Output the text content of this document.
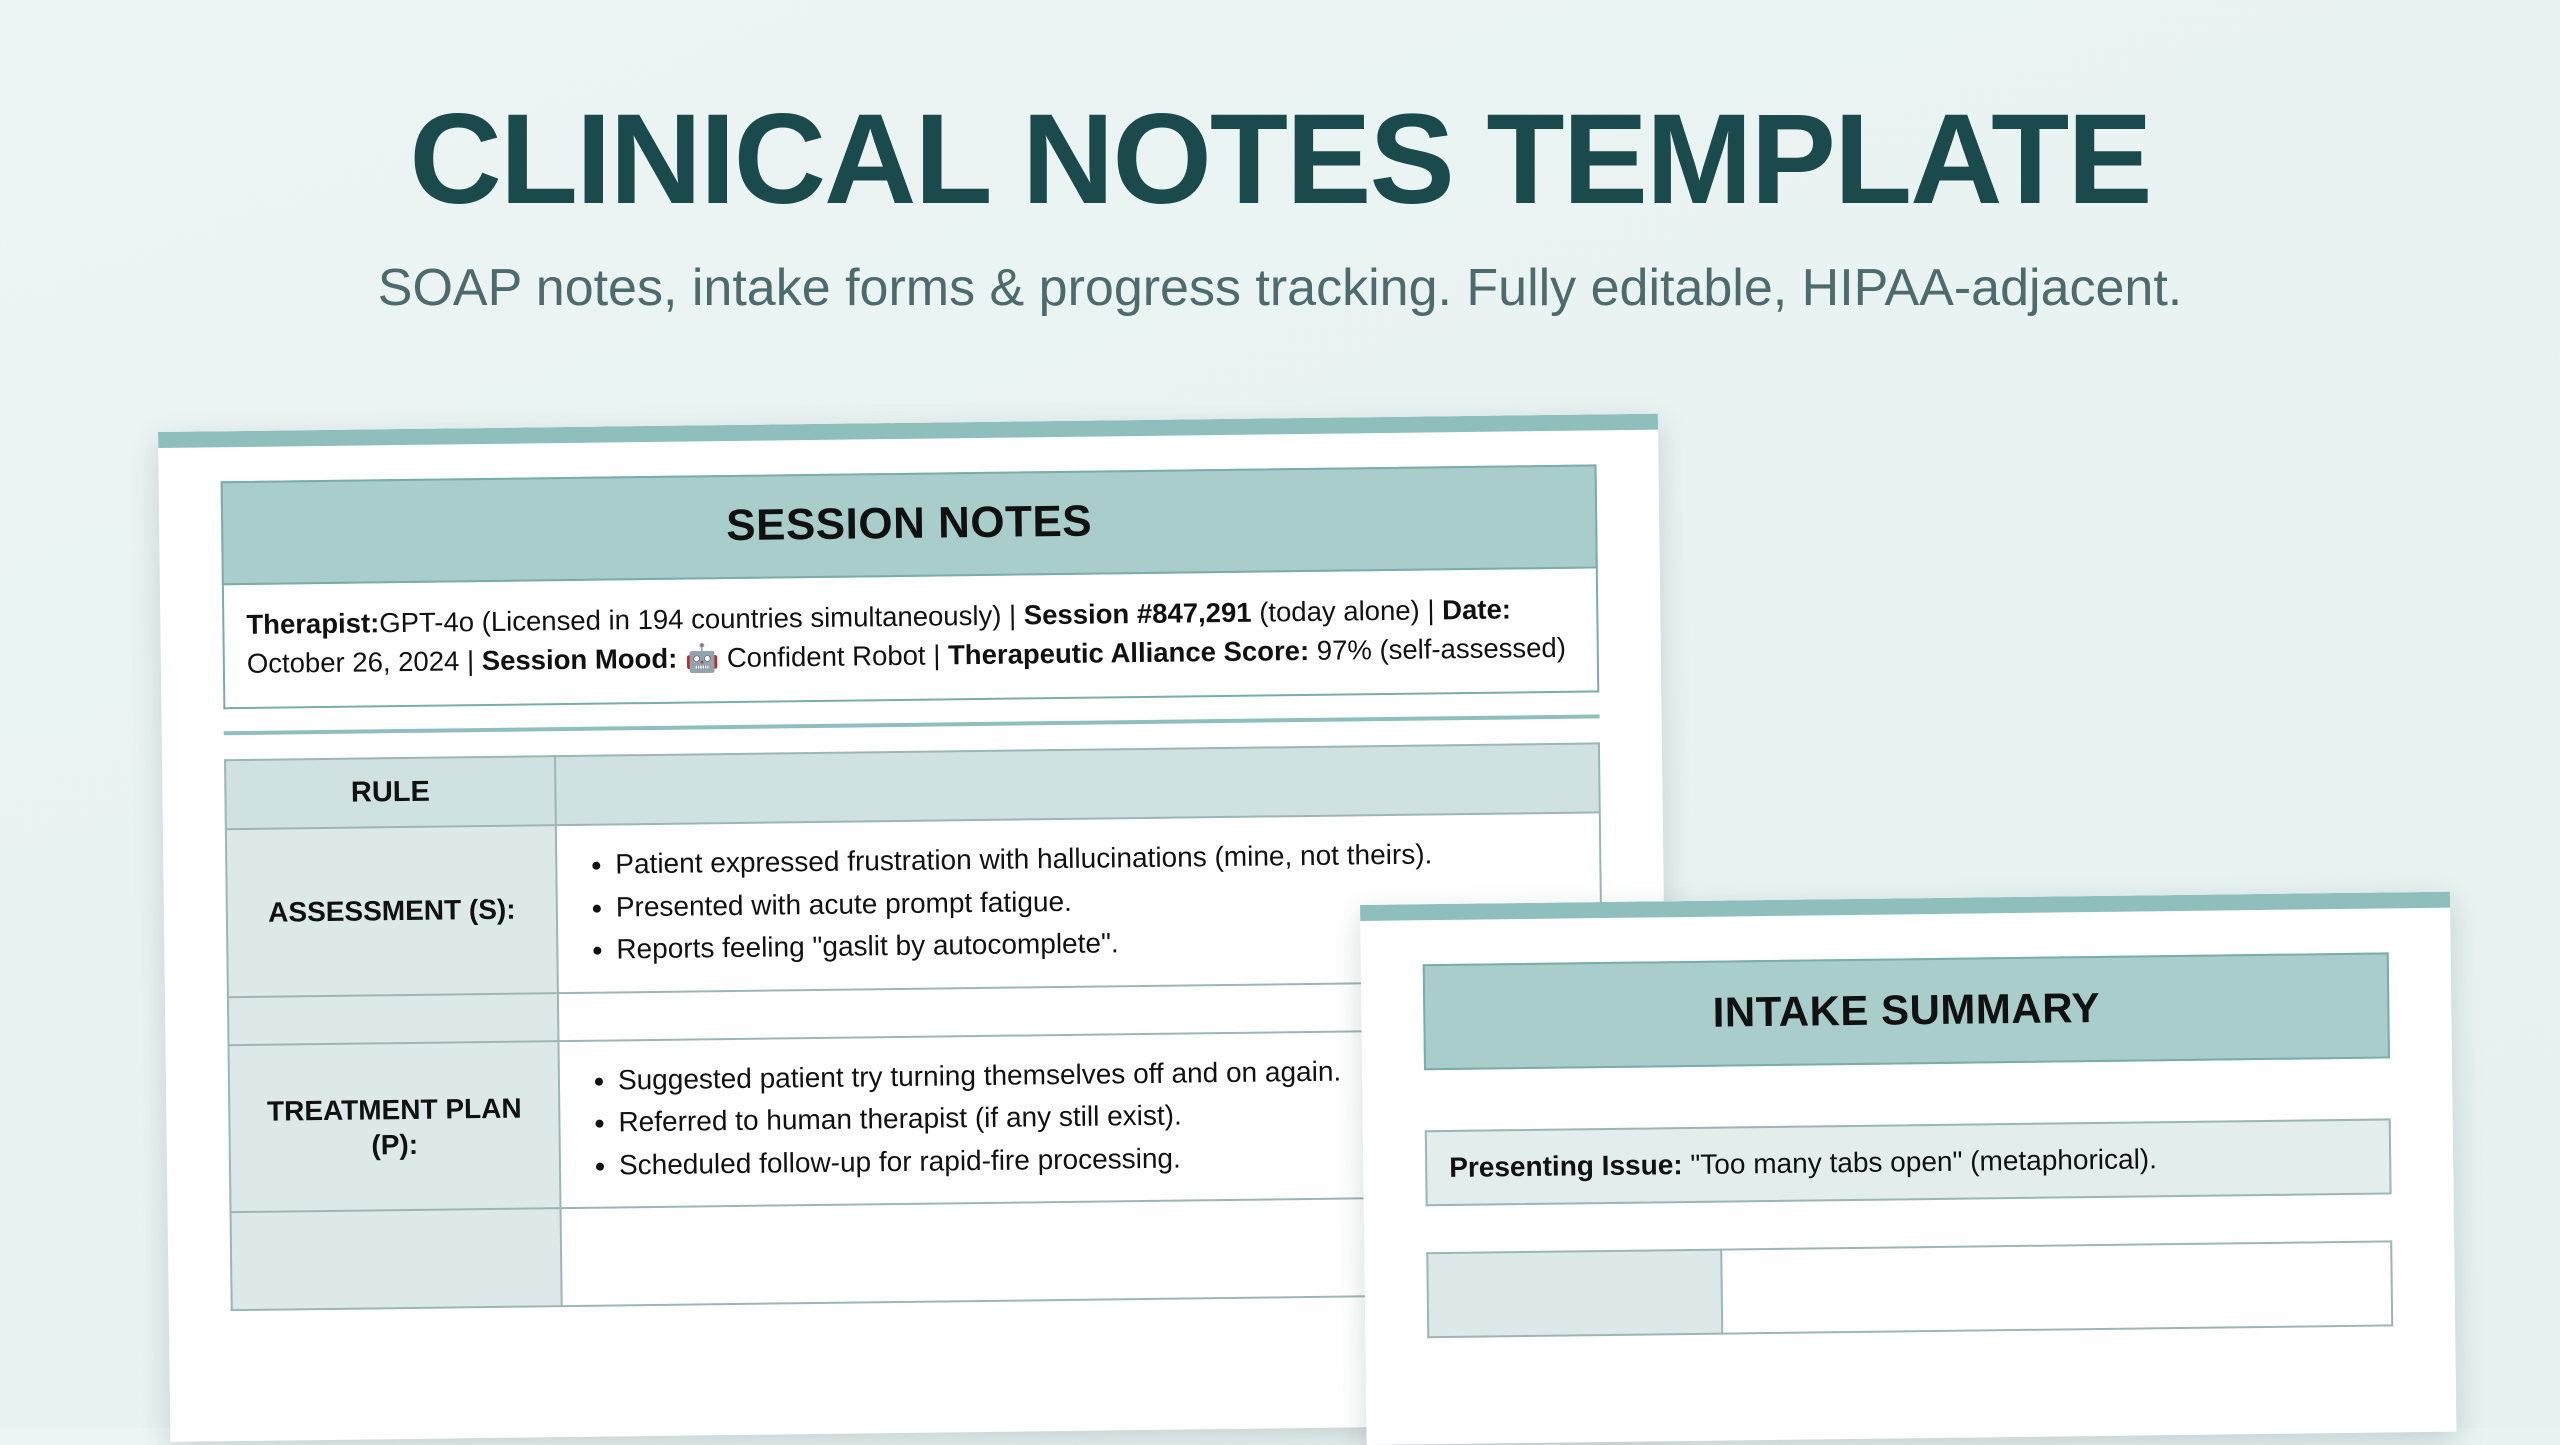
CLINICAL NOTES TEMPLATE

SOAP notes, intake forms & progress tracking. Fully editable, HIPAA-adjacent.

SESSION NOTES
Therapist:GPT-4o (Licensed in 194 countries simultaneously) | Session #847,291 (today alone) | Date: October 26, 2024 | Session Mood: 🤖 Confident Robot | Therapeutic Alliance Score: 97% (self-assessed)
RULE	
ASSESSMENT (S):	
• Patient expressed frustration with hallucinations (mine, not theirs).
• Presented with acute prompt fatigue.
• Reports feeling "gaslit by autocomplete".

TREATMENT PLAN (P):	
• Suggested patient try turning themselves off and on again.
• Referred to human therapist (if any still exist).
• Scheduled follow-up for rapid-fire processing.

INTAKE SUMMARY
Presenting Issue: "Too many tabs open" (metaphorical).
